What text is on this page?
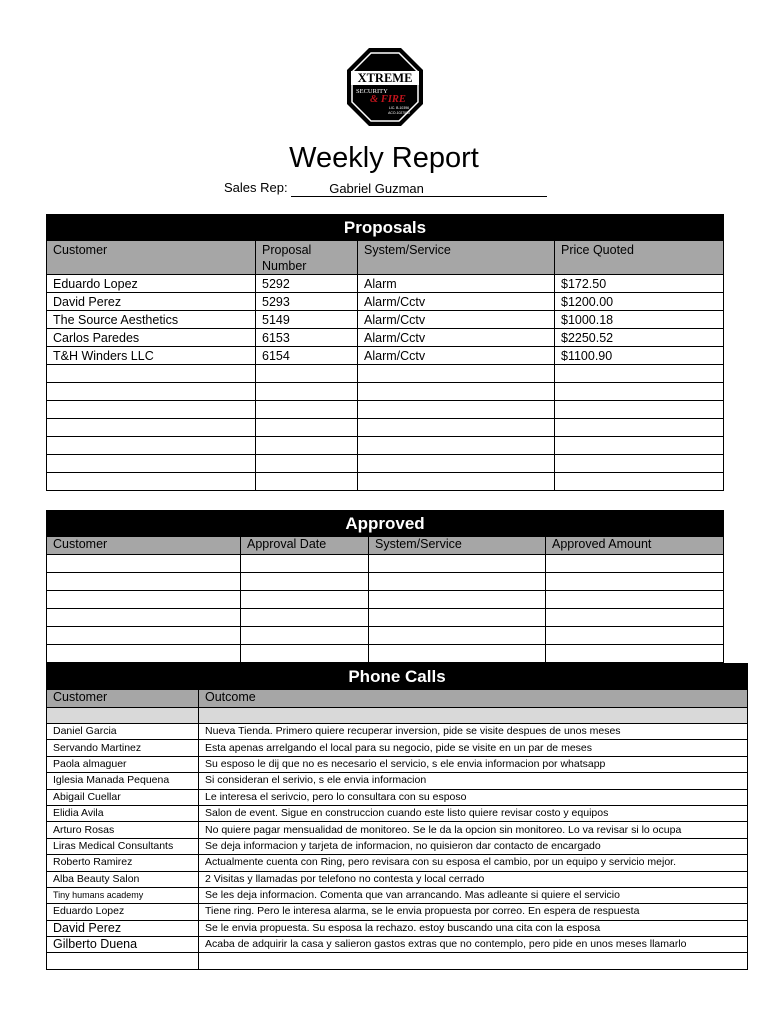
XTREME
SECURITY
& FIRE
LIC. B-10396
ACO-1027530
Weekly Report
Sales Rep:	Gabriel Guzman
Proposals			
Customer	Proposal Number	System/Service	Price Quoted
Eduardo Lopez	5292	Alarm	$172.50
David Perez	5293	Alarm/Cctv	$1200.00
The Source Aesthetics	5149	Alarm/Cctv	$1000.18
Carlos Paredes	6153	Alarm/Cctv	$2250.52
T&H Winders LLC	6154	Alarm/Cctv	$1100.90

Approved			
Customer	Approval Date	System/Service	Approved Amount

Phone Calls	
Customer	Outcome

Daniel Garcia	Nueva Tienda. Primero quiere recuperar inversion, pide se visite despues de unos meses
Servando Martinez	Esta apenas arrelgando el local para su negocio, pide se visite en un par de meses
Paola almaguer	Su esposo le dij que no es necesario el servicio, s ele envia informacion por whatsapp
Iglesia Manada Pequena	Si consideran el serivio, s ele envia informacion
Abigail Cuellar	Le interesa el serivcio, pero lo consultara con su esposo
Elidia Avila	Salon de event. Sigue en construccion cuando este listo quiere revisar costo y equipos
Arturo Rosas	No quiere pagar mensualidad de monitoreo. Se le da la opcion sin monitoreo. Lo va revisar si lo ocupa
Liras Medical Consultants	Se deja informacion y tarjeta de informacion, no quisieron dar contacto de encargado
Roberto Ramirez	Actualmente cuenta con Ring, pero revisara con su esposa el cambio, por un equipo y servicio mejor.
Alba Beauty Salon	2 Visitas y llamadas por telefono no contesta y local cerrado
Tiny humans academy	Se les deja informacion. Comenta que van arrancando. Mas adleante si quiere el servicio
Eduardo Lopez	Tiene ring. Pero le interesa alarma, se le envia propuesta por correo. En espera de respuesta
David Perez	Se le envia propuesta. Su esposa la rechazo. estoy buscando una cita con la esposa
Gilberto Duena	Acaba de adquirir la casa y salieron gastos extras que no contemplo, pero pide en unos meses llamarlo
